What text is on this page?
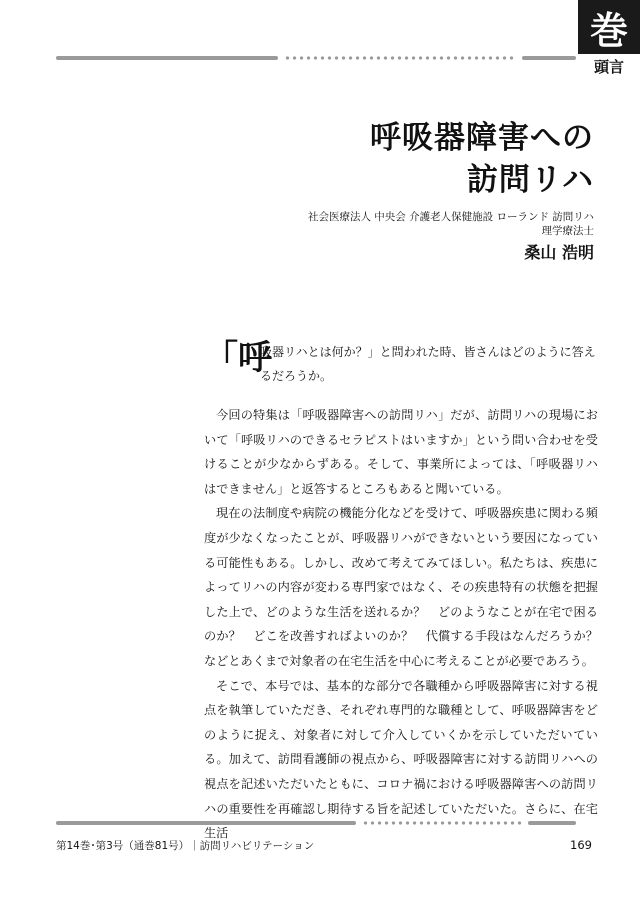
巻
頭言
呼吸器障害への
訪問リハ
社会医療法人 中央会 介護老人保健施設 ローランド 訪問リハ
理学療法士
桑山 浩明
「呼
吸器リハとは何か？」と問われた時、皆さんはどのように答えるだろうか。

今回の特集は「呼吸器障害への訪問リハ」だが、訪問リハの現場において「呼吸リハのできるセラピストはいますか」という問い合わせを受けることが少なからずある。そして、事業所によっては、「呼吸器リハはできません」と返答するところもあると聞いている。

現在の法制度や病院の機能分化などを受けて、呼吸器疾患に関わる頻度が少なくなったことが、呼吸器リハができないという要因になっている可能性もある。しかし、改めて考えてみてほしい。私たちは、疾患によってリハの内容が変わる専門家ではなく、その疾患特有の状態を把握した上で、どのような生活を送れるか？　どのようなことが在宅で困るのか？　どこを改善すればよいのか？　代償する手段はなんだろうか？などとあくまで対象者の在宅生活を中心に考えることが必要であろう。

そこで、本号では、基本的な部分で各職種から呼吸器障害に対する視点を執筆していただき、それぞれ専門的な職種として、呼吸器障害をどのように捉え、対象者に対して介入していくかを示していただいている。加えて、訪問看護師の視点から、呼吸器障害に対する訪問リハへの視点を記述いただいたともに、コロナ禍における呼吸器障害への訪問リハの重要性を再確認し期待する旨を記述していただいた。さらに、在宅生活

第14巻･第3号（通巻81号）｜訪問リハビリテーション	169
